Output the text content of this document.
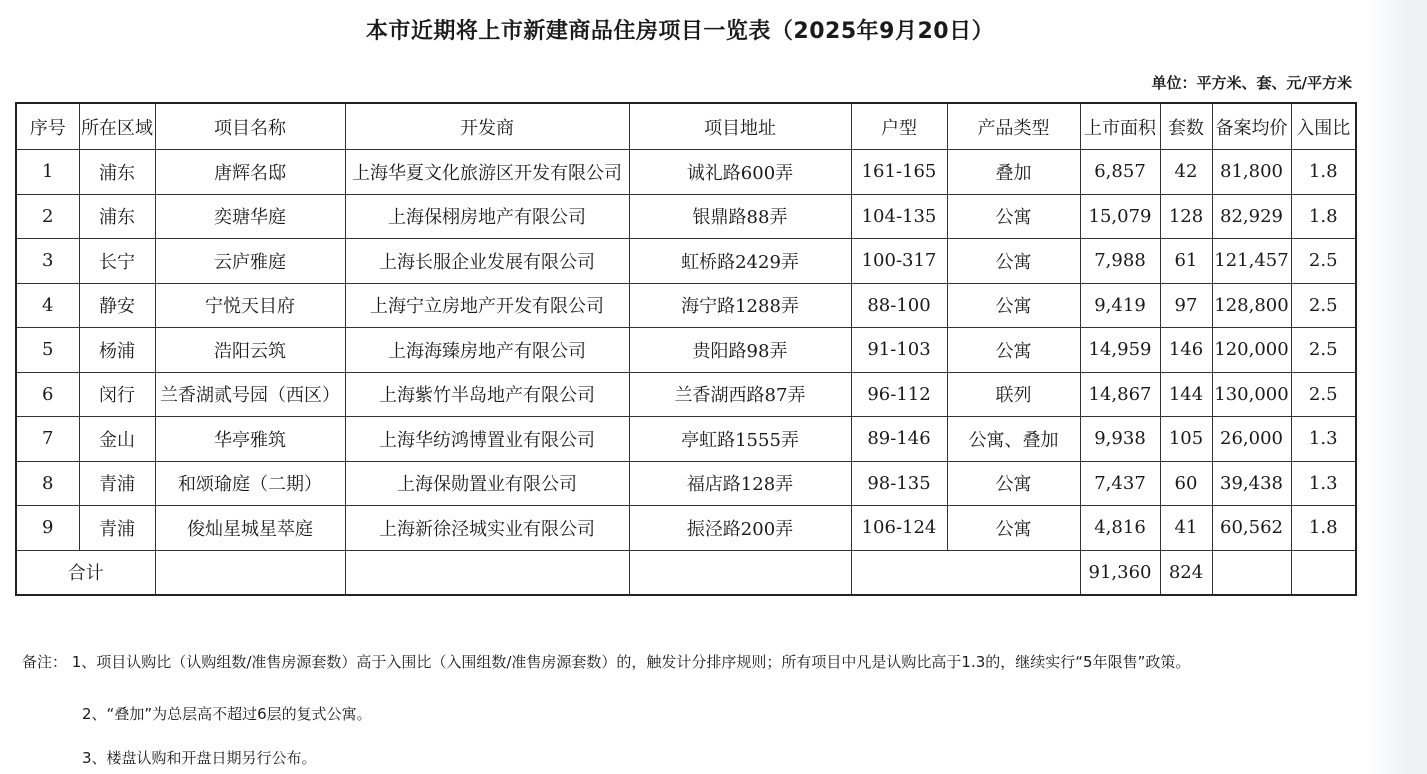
本市近期将上市新建商品住房项目一览表（2025年9月20日）
单位：平方米、套、元/平方米
序号	所在区域	项目名称	开发商	项目地址	户型	产品类型	上市面积	套数	备案均价	入围比
1	浦东	唐辉名邸	上海华夏文化旅游区开发有限公司	诚礼路600弄	161-165	叠加	6,857	42	81,800	1.8
2	浦东	奕瑭华庭	上海保栩房地产有限公司	银鼎路88弄	104-135	公寓	15,079	128	82,929	1.8
3	长宁	云庐雅庭	上海长服企业发展有限公司	虹桥路2429弄	100-317	公寓	7,988	61	121,457	2.5
4	静安	宁悦天目府	上海宁立房地产开发有限公司	海宁路1288弄	88-100	公寓	9,419	97	128,800	2.5
5	杨浦	浩阳云筑	上海海臻房地产有限公司	贵阳路98弄	91-103	公寓	14,959	146	120,000	2.5
6	闵行	兰香湖贰号园（西区）	上海紫竹半岛地产有限公司	兰香湖西路87弄	96-112	联列	14,867	144	130,000	2.5
7	金山	华亭雅筑	上海华纺鸿博置业有限公司	亭虹路1555弄	89-146	公寓、叠加	9,938	105	26,000	1.3
8	青浦	和颂瑜庭（二期）	上海保勋置业有限公司	福店路128弄	98-135	公寓	7,437	60	39,438	1.3
9	青浦	俊灿星城星萃庭	上海新徐泾城实业有限公司	振泾路200弄	106-124	公寓	4,816	41	60,562	1.8
合计							91,360	824		
备注： 1、项目认购比（认购组数/准售房源套数）高于入围比（入围组数/准售房源套数）的，触发计分排序规则；所有项目中凡是认购比高于1.3的，继续实行“5年限售”政策。
2、“叠加”为总层高不超过6层的复式公寓。
3、楼盘认购和开盘日期另行公布。
